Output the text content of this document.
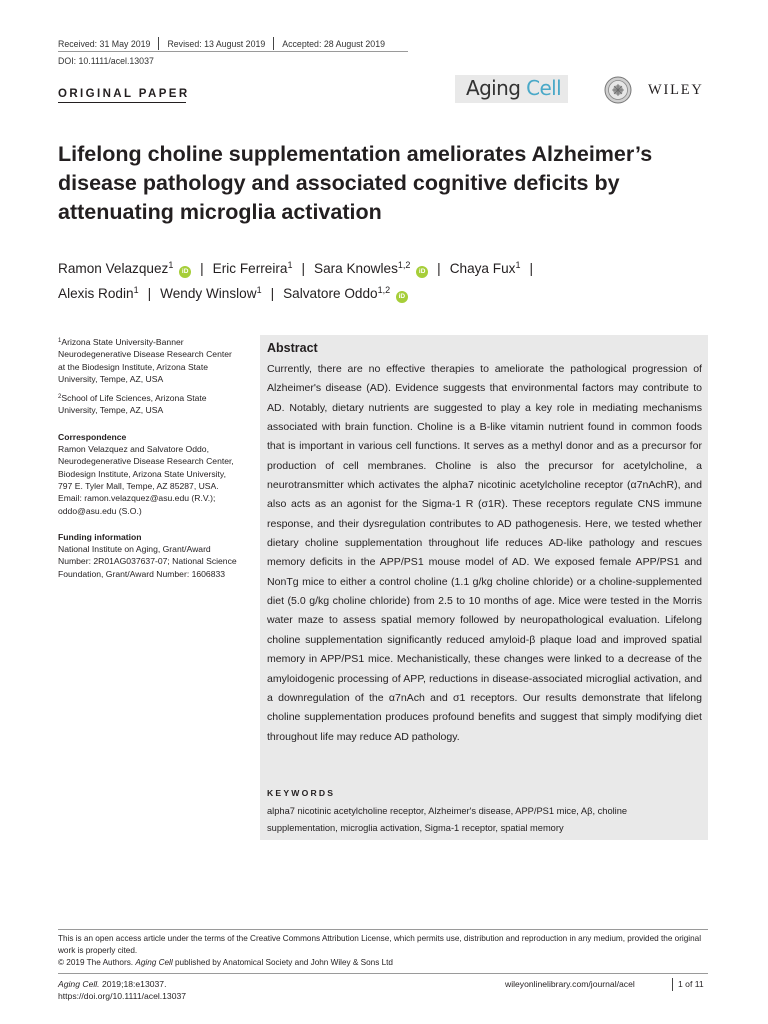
Received: 31 May 2019 Revised: 13 August 2019 Accepted: 28 August 2019
DOI: 10.1111/acel.13037
ORIGINAL PAPER	Aging Cell	WILEY
Lifelong choline supplementation ameliorates Alzheimer’s disease pathology and associated cognitive deficits by attenuating microglia activation
Ramon Velazquez$^1$ iD | Eric Ferreira$^1$ | Sara Knowles$^{1,2}$ iD | Chaya Fux$^1$ |
Alexis Rodin$^1$ | Wendy Winslow$^1$ | Salvatore Oddo$^{1,2}$ iD
$^1$Arizona State University-Banner Neurodegenerative Disease Research Center at the Biodesign Institute, Arizona State University, Tempe, AZ, USA
$^2$School of Life Sciences, Arizona State University, Tempe, AZ, USA
Correspondence
Ramon Velazquez and Salvatore Oddo, Neurodegenerative Disease Research Center, Biodesign Institute, Arizona State University, 797 E. Tyler Mall, Tempe, AZ 85287, USA.
Email: ramon.velazquez@asu.edu (R.V.);
oddo@asu.edu (S.O.)
Funding information
National Institute on Aging, Grant/Award Number: 2R01AG037637-07; National Science Foundation, Grant/Award Number: 1606833
Abstract
Currently, there are no effective therapies to ameliorate the pathological progression of Alzheimer's disease (AD). Evidence suggests that environmental factors may contribute to AD. Notably, dietary nutrients are suggested to play a key role in mediating mechanisms associated with brain function. Choline is a B-like vitamin nutrient found in common foods that is important in various cell functions. It serves as a methyl donor and as a precursor for production of cell membranes. Choline is also the precursor for acetylcholine, a neurotransmitter which activates the alpha7 nicotinic acetylcholine receptor (α7nAchR), and also acts as an agonist for the Sigma-1 R (σ1R). These receptors regulate CNS immune response, and their dysregulation contributes to AD pathogenesis. Here, we tested whether dietary choline supplementation throughout life reduces AD-like pathology and rescues memory deficits in the APP/PS1 mouse model of AD. We exposed female APP/PS1 and NonTg mice to either a control choline (1.1 g/kg choline chloride) or a choline-supplemented diet (5.0 g/kg choline chloride) from 2.5 to 10 months of age. Mice were tested in the Morris water maze to assess spatial memory followed by neuropathological evaluation. Lifelong choline supplementation significantly reduced amyloid-β plaque load and improved spatial memory in APP/PS1 mice. Mechanistically, these changes were linked to a decrease of the amyloidogenic processing of APP, reductions in disease-associated microglial activation, and a downregulation of the α7nAch and σ1 receptors. Our results demonstrate that lifelong choline supplementation produces profound benefits and suggest that simply modifying diet throughout life may reduce AD pathology.
KEYWORDS
alpha7 nicotinic acetylcholine receptor, Alzheimer's disease, APP/PS1 mice, Aβ, choline supplementation, microglia activation, Sigma-1 receptor, spatial memory
This is an open access article under the terms of the Creative Commons Attribution License, which permits use, distribution and reproduction in any medium, provided the original work is properly cited.
© 2019 The Authors. Aging Cell published by Anatomical Society and John Wiley & Sons Ltd
Aging Cell. 2019;18:e13037.
https://doi.org/10.1111/acel.13037
wileyonlinelibrary.com/journal/acel	1 of 11
